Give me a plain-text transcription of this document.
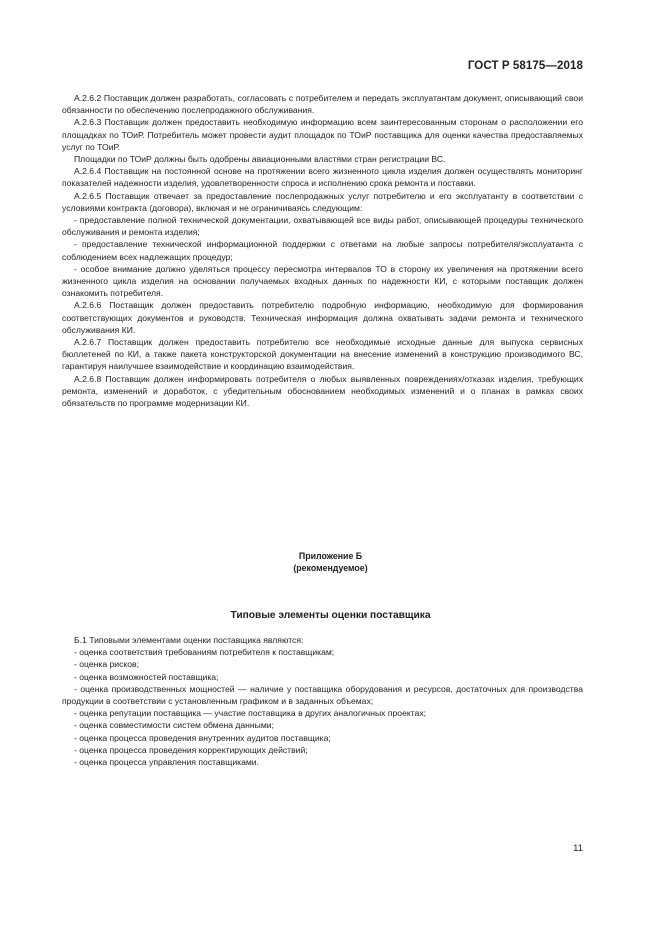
ГОСТ Р 58175—2018

А.2.6.2 Поставщик должен разработать, согласовать с потребителем и передать эксплуатантам документ, описывающий свои обязанности по обеспечению послепродажного обслуживания.

А.2.6.3 Поставщик должен предоставить необходимую информацию всем заинтересованным сторонам о расположении его площадках по ТОиР. Потребитель может провести аудит площадок по ТОиР поставщика для оценки качества предоставляемых услуг по ТОиР.

Площадки по ТОиР должны быть одобрены авиационными властями стран регистрации ВС.

А.2.6.4 Поставщик на постоянной основе на протяжении всего жизненного цикла изделия должен осуществлять мониторинг показателей надежности изделия, удовлетворенности спроса и исполнению срока ремонта и поставки.

А.2.6.5 Поставщик отвечает за предоставление послепродажных услуг потребителю и его эксплуатанту в соответствии с условиями контракта (договора), включая и не ограничиваясь следующим:

- предоставление полной технической документации, охватывающей все виды работ, описывающей процедуры технического обслуживания и ремонта изделия;

- предоставление технической информационной поддержки с ответами на любые запросы потребителя/эксплуатанта с соблюдением всех надлежащих процедур;

- особое внимание должно уделяться процессу пересмотра интервалов ТО в сторону их увеличения на протяжении всего жизненного цикла изделия на основании получаемых входных данных по надежности КИ, с которыми поставщик должен ознакомить потребителя.

А.2.6.6 Поставщик должен предоставить потребителю подробную информацию, необходимую для формирования соответствующих документов и руководств. Техническая информация должна охватывать задачи ремонта и технического обслуживания КИ.

А.2.6.7 Поставщик должен предоставить потребителю все необходимые исходные данные для выпуска сервисных бюллетеней по КИ, а также пакета конструкторской документации на внесение изменений в конструкцию производимого ВС, гарантируя наилучшее взаимодействие и координацию взаимодействия.

А.2.6.8 Поставщик должен информировать потребителя о любых выявленных повреждениях/отказах изделия, требующих ремонта, изменений и доработок, с убедительным обоснованием необходимых изменений и о планах в рамках своих обязательств по программе модернизации КИ.

Приложение Б
(рекомендуемое)
Типовые элементы оценки поставщика

Б.1 Типовыми элементами оценки поставщика являются:

- оценка соответствия требованиям потребителя к поставщикам;

- оценка рисков;

- оценка возможностей поставщика;

- оценка производственных мощностей — наличие у поставщика оборудования и ресурсов, достаточных для производства продукции в соответствии с установленным графиком и в заданных объемах;

- оценка репутации поставщика — участие поставщика в других аналогичных проектах;

- оценка совместимости систем обмена данными;

- оценка процесса проведения внутренних аудитов поставщика;

- оценка процесса проведения корректирующих действий;

- оценка процесса управления поставщиками.

11
